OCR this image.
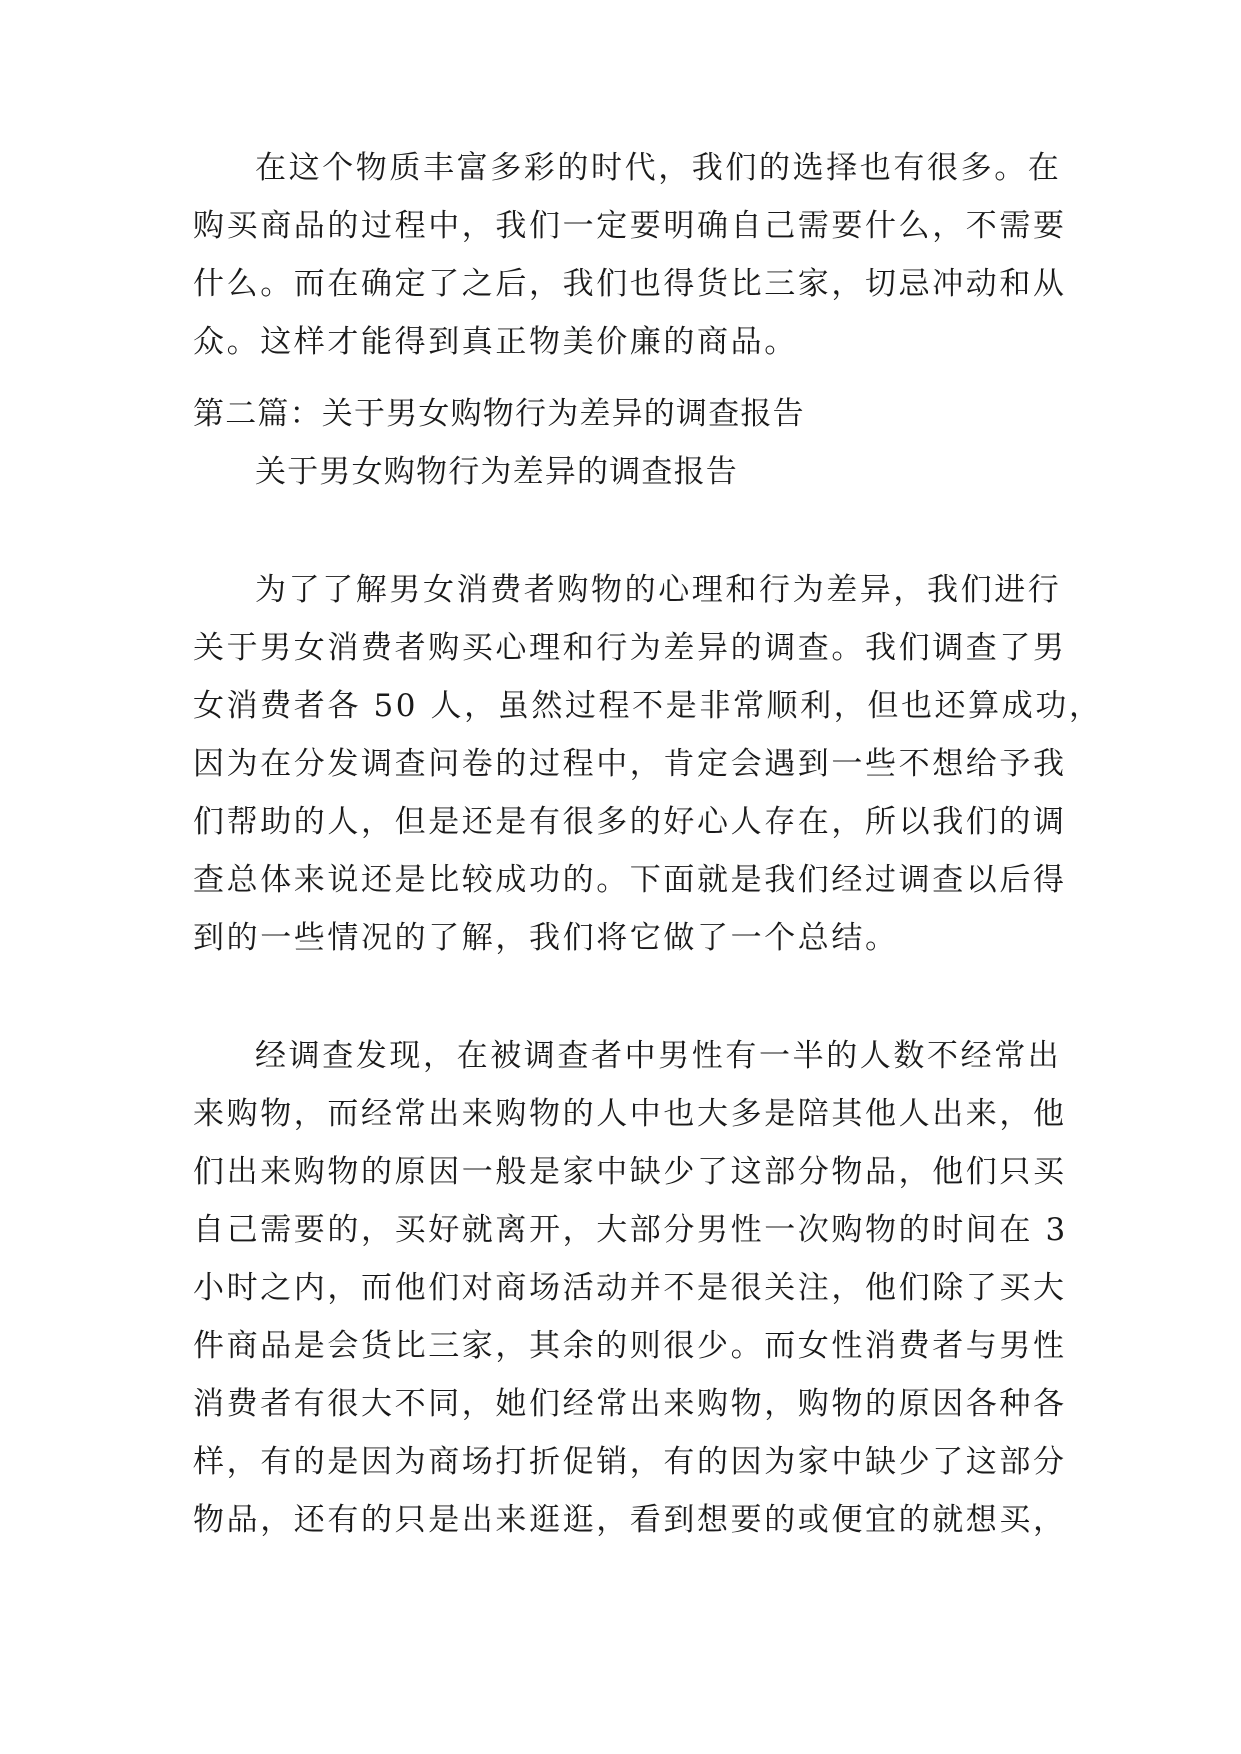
在这个物质丰富多彩的时代，我们的选择也有很多。在
购买商品的过程中，我们一定要明确自己需要什么，不需要
什么。而在确定了之后，我们也得货比三家，切忌冲动和从
众。这样才能得到真正物美价廉的商品。
第二篇：关于男女购物行为差异的调查报告
关于男女购物行为差异的调查报告
为了了解男女消费者购物的心理和行为差异，我们进行
关于男女消费者购买心理和行为差异的调查。我们调查了男
女消费者各 50 人，虽然过程不是非常顺利，但也还算成功，
因为在分发调查问卷的过程中，肯定会遇到一些不想给予我
们帮助的人，但是还是有很多的好心人存在，所以我们的调
查总体来说还是比较成功的。下面就是我们经过调查以后得
到的一些情况的了解，我们将它做了一个总结。
经调查发现，在被调查者中男性有一半的人数不经常出
来购物，而经常出来购物的人中也大多是陪其他人出来，他
们出来购物的原因一般是家中缺少了这部分物品，他们只买
自己需要的，买好就离开，大部分男性一次购物的时间在 3
小时之内，而他们对商场活动并不是很关注，他们除了买大
件商品是会货比三家，其余的则很少。而女性消费者与男性
消费者有很大不同，她们经常出来购物，购物的原因各种各
样，有的是因为商场打折促销，有的因为家中缺少了这部分
物品，还有的只是出来逛逛，看到想要的或便宜的就想买，
